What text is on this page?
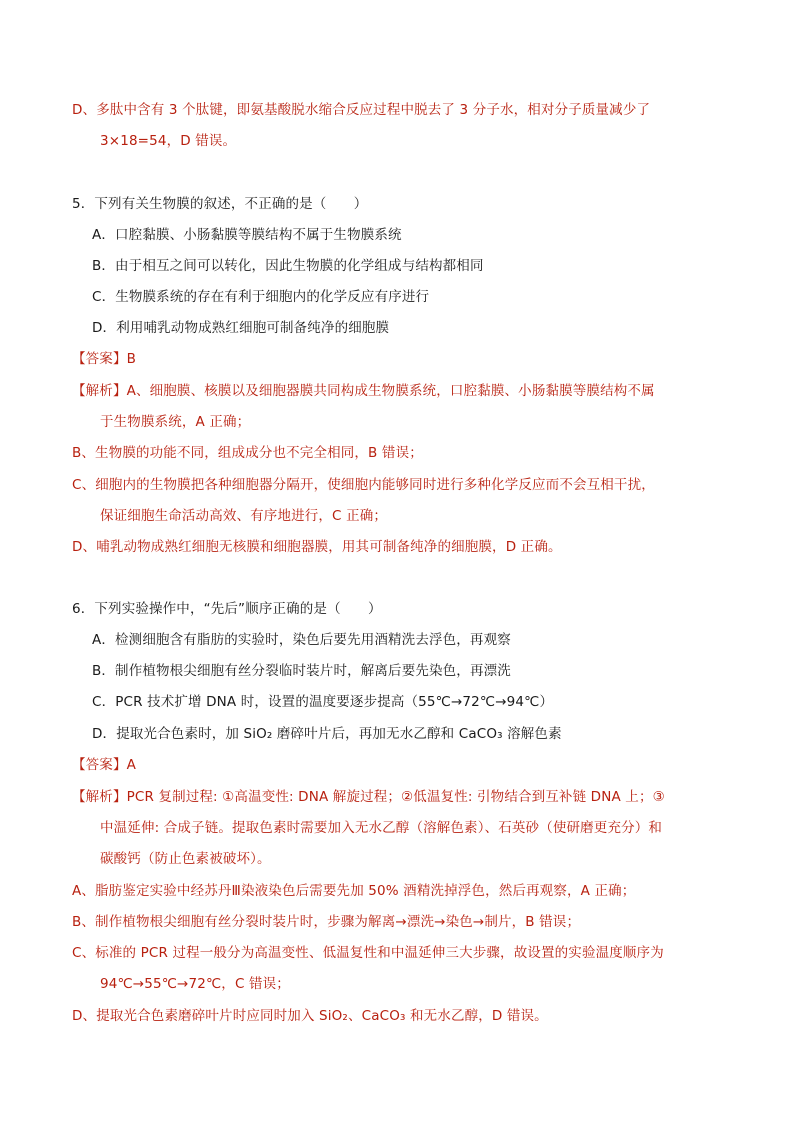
D、多肽中含有 3 个肽键，即氨基酸脱水缩合反应过程中脱去了 3 分子水，相对分子质量减少了
3×18=54，D 错误。
5．下列有关生物膜的叙述，不正确的是（　　）
A．口腔黏膜、小肠黏膜等膜结构不属于生物膜系统
B．由于相互之间可以转化，因此生物膜的化学组成与结构都相同
C．生物膜系统的存在有利于细胞内的化学反应有序进行
D．利用哺乳动物成熟红细胞可制备纯净的细胞膜
【答案】B
【解析】A、细胞膜、核膜以及细胞器膜共同构成生物膜系统，口腔黏膜、小肠黏膜等膜结构不属
于生物膜系统，A 正确；
B、生物膜的功能不同，组成成分也不完全相同，B 错误；
C、细胞内的生物膜把各种细胞器分隔开，使细胞内能够同时进行多种化学反应而不会互相干扰，
保证细胞生命活动高效、有序地进行，C 正确；
D、哺乳动物成熟红细胞无核膜和细胞器膜，用其可制备纯净的细胞膜，D 正确。
6．下列实验操作中，“先后”顺序正确的是（　　）
A．检测细胞含有脂肪的实验时，染色后要先用酒精洗去浮色，再观察
B．制作植物根尖细胞有丝分裂临时装片时，解离后要先染色，再漂洗
C．PCR 技术扩增 DNA 时，设置的温度要逐步提高（55℃→72℃→94℃）
D．提取光合色素时，加 SiO₂ 磨碎叶片后，再加无水乙醇和 CaCO₃ 溶解色素
【答案】A
【解析】PCR 复制过程: ①高温变性: DNA 解旋过程；②低温复性: 引物结合到互补链 DNA 上；③
中温延伸: 合成子链。提取色素时需要加入无水乙醇（溶解色素）、石英砂（使研磨更充分）和
碳酸钙（防止色素被破坏）。
A、脂肪鉴定实验中经苏丹Ⅲ染液染色后需要先加 50% 酒精洗掉浮色，然后再观察，A 正确；
B、制作植物根尖细胞有丝分裂时装片时，步骤为解离→漂洗→染色→制片，B 错误；
C、标准的 PCR 过程一般分为高温变性、低温复性和中温延伸三大步骤，故设置的实验温度顺序为
94℃→55℃→72℃，C 错误；
D、提取光合色素磨碎叶片时应同时加入 SiO₂、CaCO₃ 和无水乙醇，D 错误。
